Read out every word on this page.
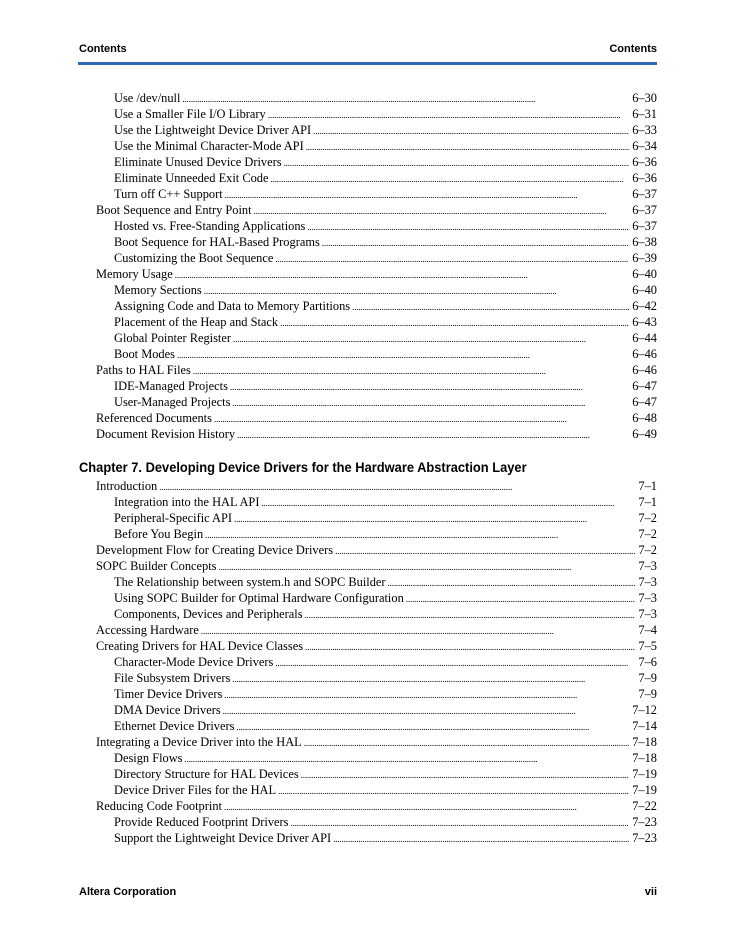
Contents	Contents
Use /dev/null . . .	6–30
Use a Smaller File I/O Library . . .	6–31
Use the Lightweight Device Driver API . . .	6–33
Use the Minimal Character-Mode API . . .	6–34
Eliminate Unused Device Drivers . . .	6–36
Eliminate Unneeded Exit Code . . .	6–36
Turn off C++ Support . . .	6–37
Boot Sequence and Entry Point . . .	6–37
Hosted vs. Free-Standing Applications . . .	6–37
Boot Sequence for HAL-Based Programs . . .	6–38
Customizing the Boot Sequence . . .	6–39
Memory Usage . . .	6–40
Memory Sections . . .	6–40
Assigning Code and Data to Memory Partitions . . .	6–42
Placement of the Heap and Stack . . .	6–43
Global Pointer Register . . .	6–44
Boot Modes . . .	6–46
Paths to HAL Files . . .	6–46
IDE-Managed Projects . . .	6–47
User-Managed Projects . . .	6–47
Referenced Documents . . .	6–48
Document Revision History . . .	6–49
Chapter 7. Developing Device Drivers for the Hardware Abstraction Layer
Introduction . . .	7–1
Integration into the HAL API . . .	7–1
Peripheral-Specific API . . .	7–2
Before You Begin . . .	7–2
Development Flow for Creating Device Drivers . . .	7–2
SOPC Builder Concepts . . .	7–3
The Relationship between system.h and SOPC Builder . . .	7–3
Using SOPC Builder for Optimal Hardware Configuration . . .	7–3
Components, Devices and Peripherals . . .	7–3
Accessing Hardware . . .	7–4
Creating Drivers for HAL Device Classes . . .	7–5
Character-Mode Device Drivers . . .	7–6
File Subsystem Drivers . . .	7–9
Timer Device Drivers . . .	7–9
DMA Device Drivers . . .	7–12
Ethernet Device Drivers . . .	7–14
Integrating a Device Driver into the HAL . . .	7–18
Design Flows . . .	7–18
Directory Structure for HAL Devices . . .	7–19
Device Driver Files for the HAL . . .	7–19
Reducing Code Footprint . . .	7–22
Provide Reduced Footprint Drivers . . .	7–23
Support the Lightweight Device Driver API . . .	7–23
Altera Corporation	vii
